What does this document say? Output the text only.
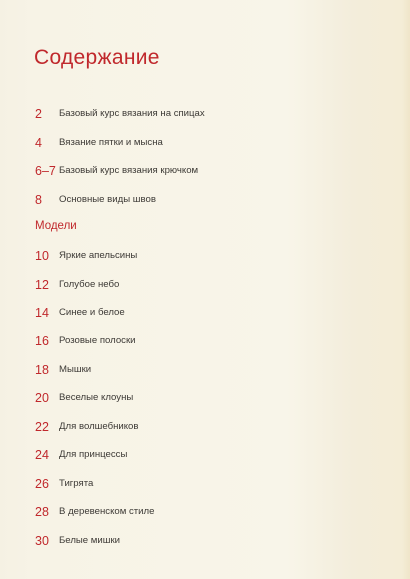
Содержание
2 Базовый курс вязания на спицах
4 Вязание пятки и мысна
6–7 Базовый курс вязания крючком
8 Основные виды швов
Модели
10 Яркие апельсины
12 Голубое небо
14 Синее и белое
16 Розовые полоски
18 Мышки
20 Веселые клоуны
22 Для волшебников
24 Для принцессы
26 Тигрята
28 В деревенском стиле
30 Белые мишки
